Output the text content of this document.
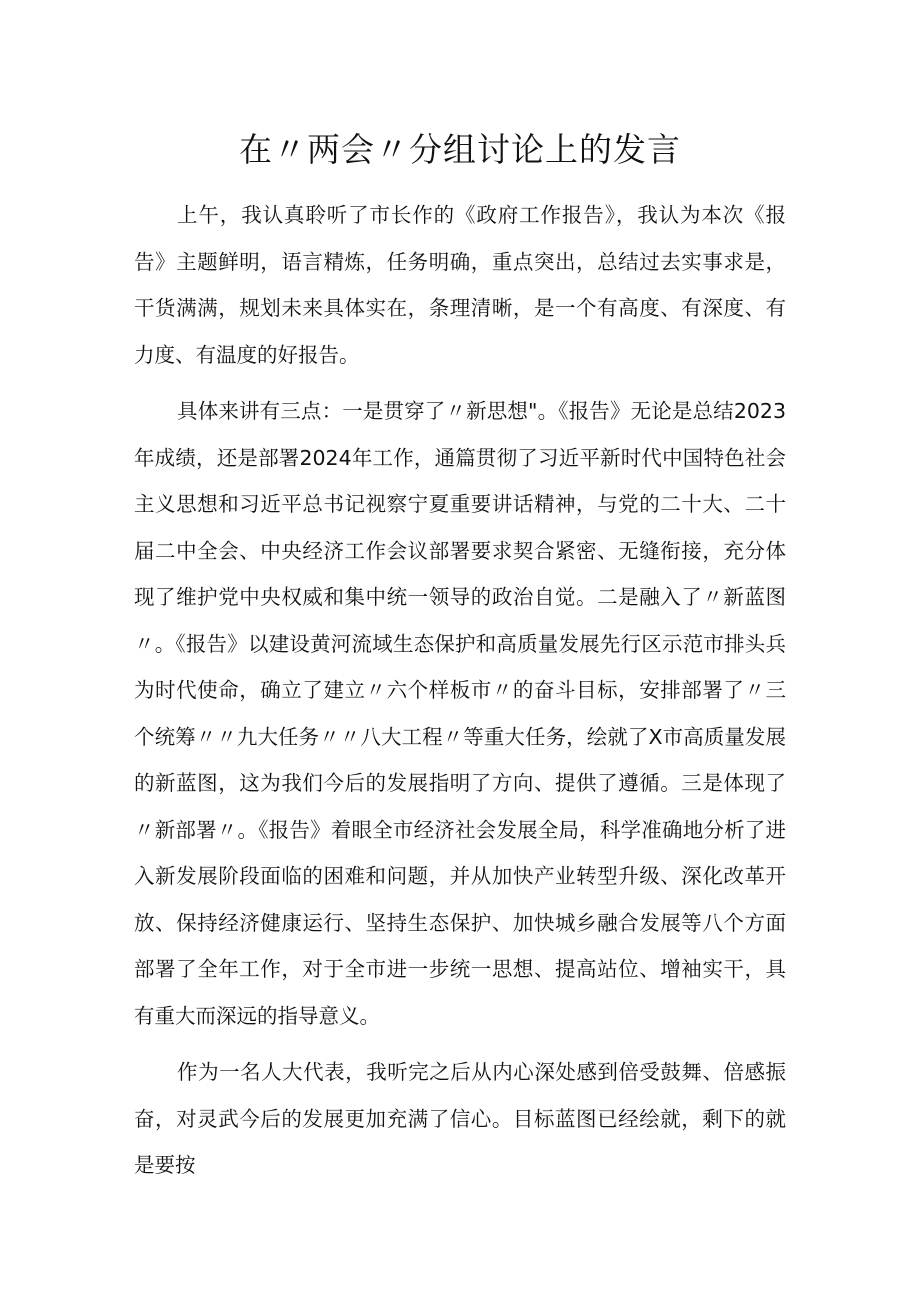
在〃两会〃分组讨论上的发言

上午，我认真聆听了市长作的《政府工作报告》，我认为本次《报告》主题鲜明，语言精炼，任务明确，重点突出，总结过去实事求是，干货满满，规划未来具体实在，条理清晰，是一个有高度、有深度、有力度、有温度的好报告。

具体来讲有三点：一是贯穿了〃新思想"。《报告》无论是总结2023年成绩，还是部署2024年工作，通篇贯彻了习近平新时代中国特色社会主义思想和习近平总书记视察宁夏重要讲话精神，与党的二十大、二十届二中全会、中央经济工作会议部署要求契合紧密、无缝衔接，充分体现了维护党中央权威和集中统一领导的政治自觉。二是融入了〃新蓝图〃。《报告》以建设黄河流域生态保护和高质量发展先行区示范市排头兵为时代使命，确立了建立〃六个样板市〃的奋斗目标，安排部署了〃三个统筹〃〃九大任务〃〃八大工程〃等重大任务，绘就了X市高质量发展的新蓝图，这为我们今后的发展指明了方向、提供了遵循。三是体现了〃新部署〃。《报告》着眼全市经济社会发展全局，科学准确地分析了进入新发展阶段面临的困难和问题，并从加快产业转型升级、深化改革开放、保持经济健康运行、坚持生态保护、加快城乡融合发展等八个方面部署了全年工作，对于全市进一步统一思想、提高站位、增袖实干，具有重大而深远的指导意义。

作为一名人大代表，我听完之后从内心深处感到倍受鼓舞、倍感振奋，对灵武今后的发展更加充满了信心。目标蓝图已经绘就，剩下的就是要按
